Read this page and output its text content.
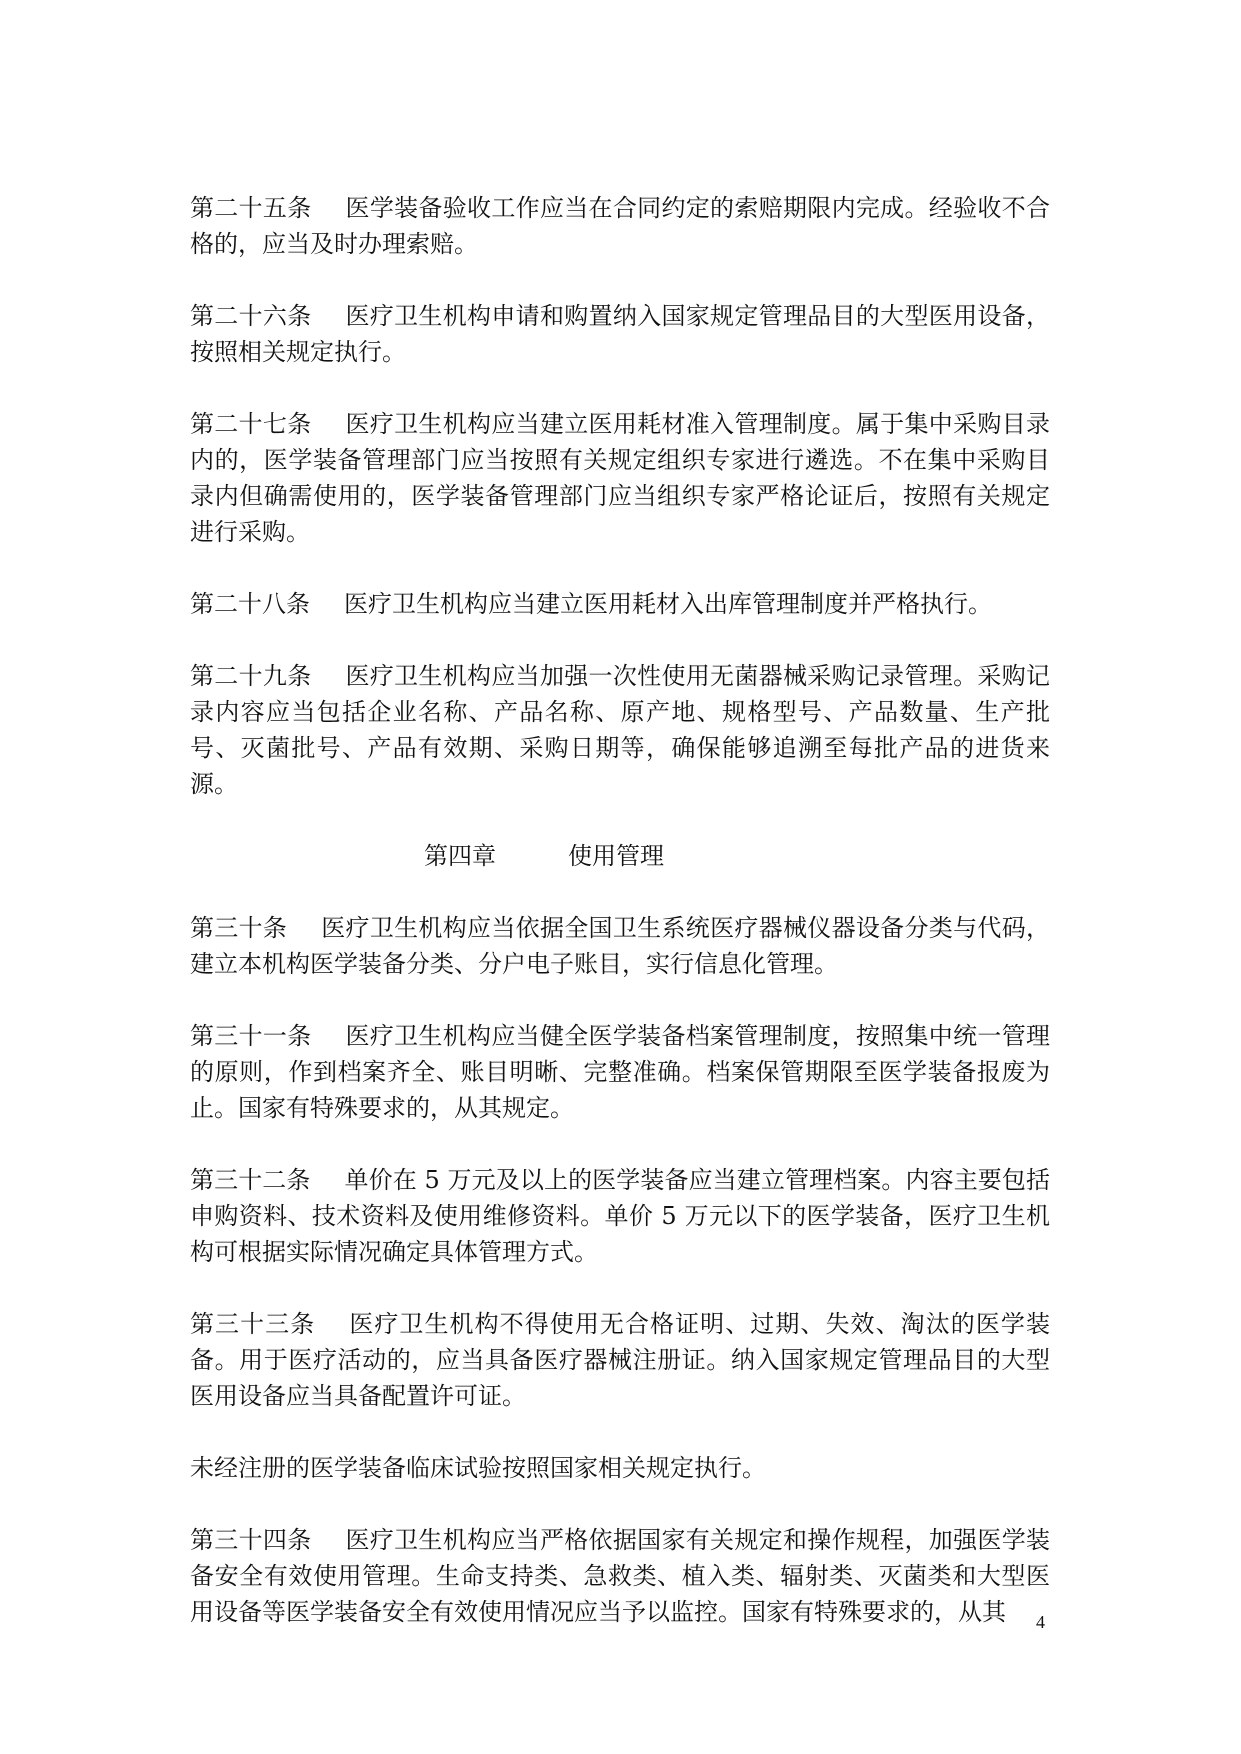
第二十五条 医学装备验收工作应当在合同约定的索赔期限内完成。经验收不合格的，应当及时办理索赔。

第二十六条 医疗卫生机构申请和购置纳入国家规定管理品目的大型医用设备，按照相关规定执行。

第二十七条 医疗卫生机构应当建立医用耗材准入管理制度。属于集中采购目录内的，医学装备管理部门应当按照有关规定组织专家进行遴选。不在集中采购目录内但确需使用的，医学装备管理部门应当组织专家严格论证后，按照有关规定进行采购。

第二十八条 医疗卫生机构应当建立医用耗材入出库管理制度并严格执行。

第二十九条 医疗卫生机构应当加强一次性使用无菌器械采购记录管理。采购记录内容应当包括企业名称、产品名称、原产地、规格型号、产品数量、生产批号、灭菌批号、产品有效期、采购日期等，确保能够追溯至每批产品的进货来源。

第四章	使用管理

第三十条 医疗卫生机构应当依据全国卫生系统医疗器械仪器设备分类与代码，建立本机构医学装备分类、分户电子账目，实行信息化管理。

第三十一条 医疗卫生机构应当健全医学装备档案管理制度，按照集中统一管理的原则，作到档案齐全、账目明晰、完整准确。档案保管期限至医学装备报废为止。国家有特殊要求的，从其规定。

第三十二条 单价在 5 万元及以上的医学装备应当建立管理档案。内容主要包括申购资料、技术资料及使用维修资料。单价 5 万元以下的医学装备，医疗卫生机构可根据实际情况确定具体管理方式。

第三十三条 医疗卫生机构不得使用无合格证明、过期、失效、淘汰的医学装备。用于医疗活动的，应当具备医疗器械注册证。纳入国家规定管理品目的大型医用设备应当具备配置许可证。

未经注册的医学装备临床试验按照国家相关规定执行。

第三十四条 医疗卫生机构应当严格依据国家有关规定和操作规程，加强医学装备安全有效使用管理。生命支持类、急救类、植入类、辐射类、灭菌类和大型医用设备等医学装备安全有效使用情况应当予以监控。国家有特殊要求的，从其	4
